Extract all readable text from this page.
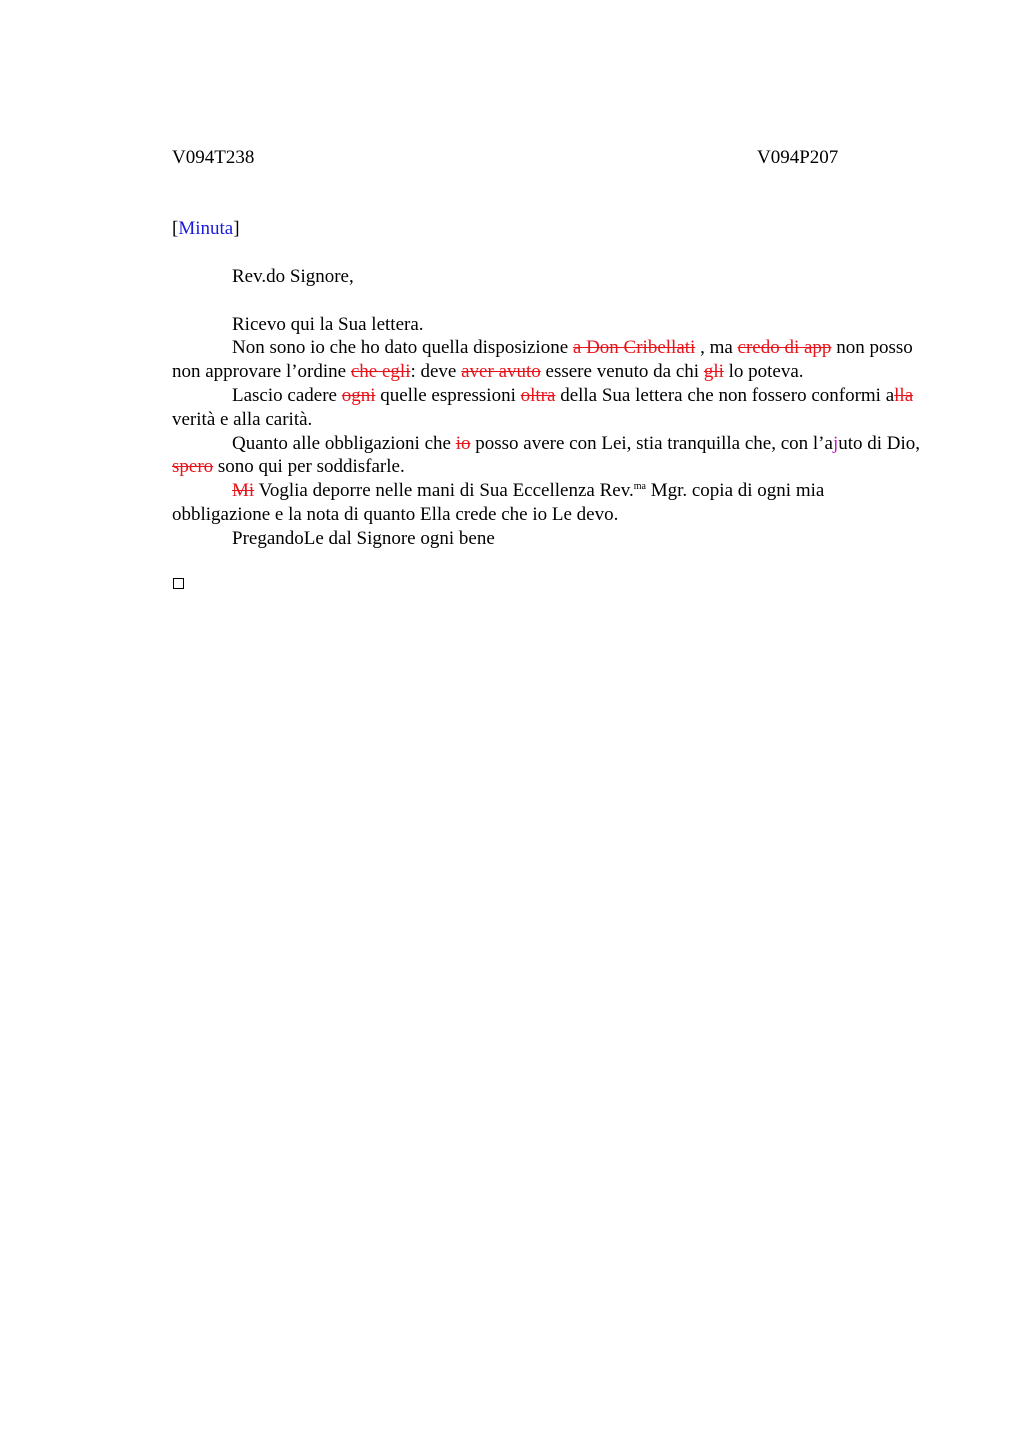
V094T238	V094P207
[Minuta]

Rev.do Signore,

Ricevo qui la Sua lettera.

Non sono io che ho dato quella disposizione a Don Cribellati , ma credo di app non posso non approvare l’ordine che egli: deve aver avuto essere venuto da chi gli lo poteva.

Lascio cadere ogni quelle espressioni oltra della Sua lettera che non fossero conformi alla verità e alla carità.

Quanto alle obbligazioni che io posso avere con Lei, stia tranquilla che, con l’ajuto di Dio, spero sono qui per soddisfarle.

Mi Voglia deporre nelle mani di Sua Eccellenza Rev.$^{ma}$ Mgr. copia di ogni mia obbligazione e la nota di quanto Ella crede che io Le devo.

PregandoLe dal Signore ogni bene
